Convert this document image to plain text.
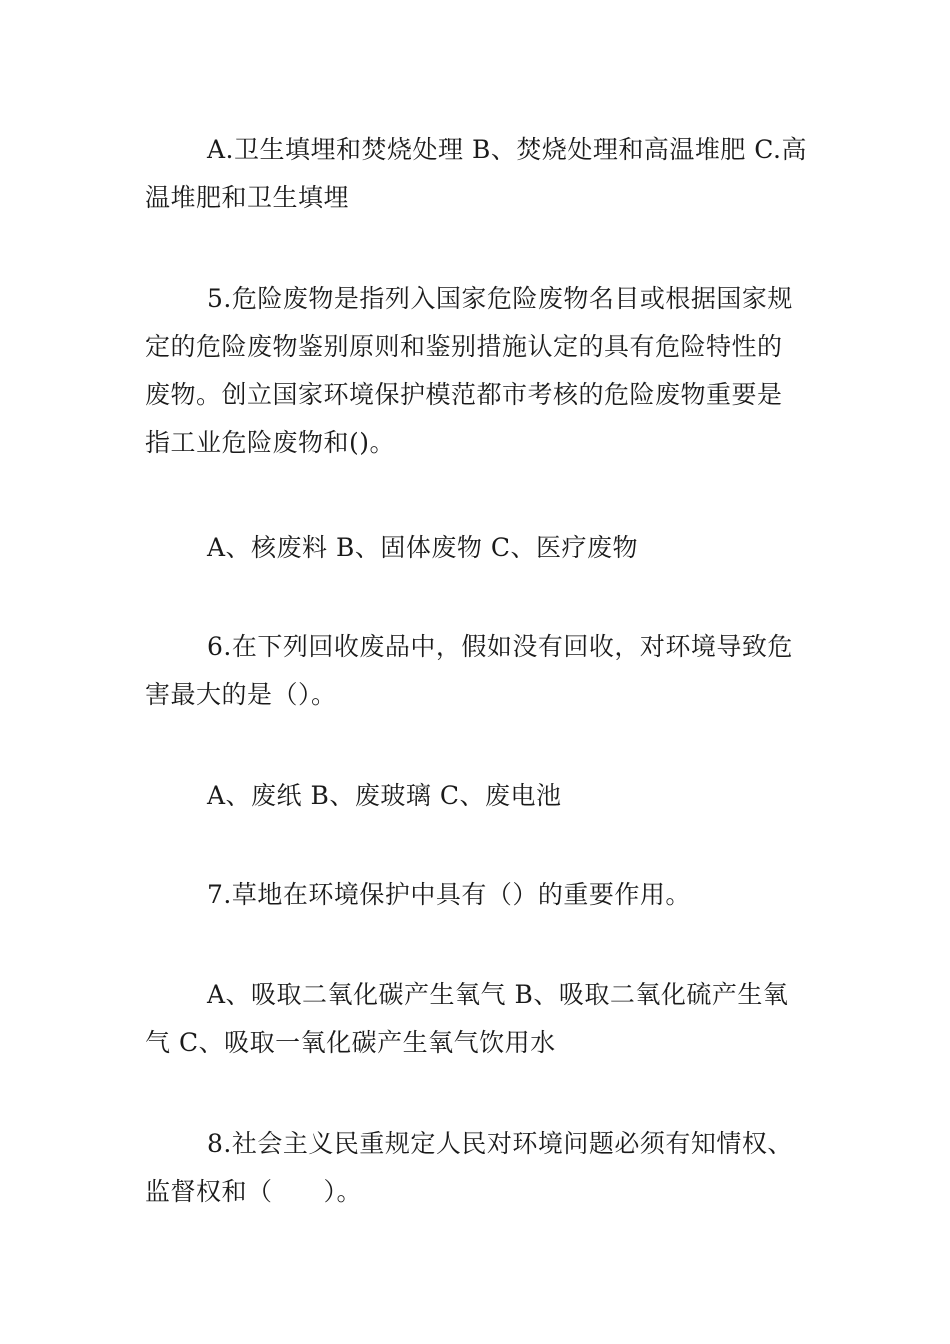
A.卫生填埋和焚烧处理 B、焚烧处理和高温堆肥 C.高温堆肥和卫生填埋

5.危险废物是指列入国家危险废物名目或根据国家规定的危险废物鉴别原则和鉴别措施认定的具有危险特性的废物。创立国家环境保护模范都市考核的危险废物重要是指工业危险废物和()。

A、核废料 B、固体废物 C、医疗废物

6.在下列回收废品中，假如没有回收，对环境导致危害最大的是（）。

A、废纸 B、废玻璃 C、废电池

7.草地在环境保护中具有（）的重要作用。

A、吸取二氧化碳产生氧气 B、吸取二氧化硫产生氧气 C、吸取一氧化碳产生氧气饮用水

8.社会主义民重规定人民对环境问题必须有知情权、监督权和（　　）。
